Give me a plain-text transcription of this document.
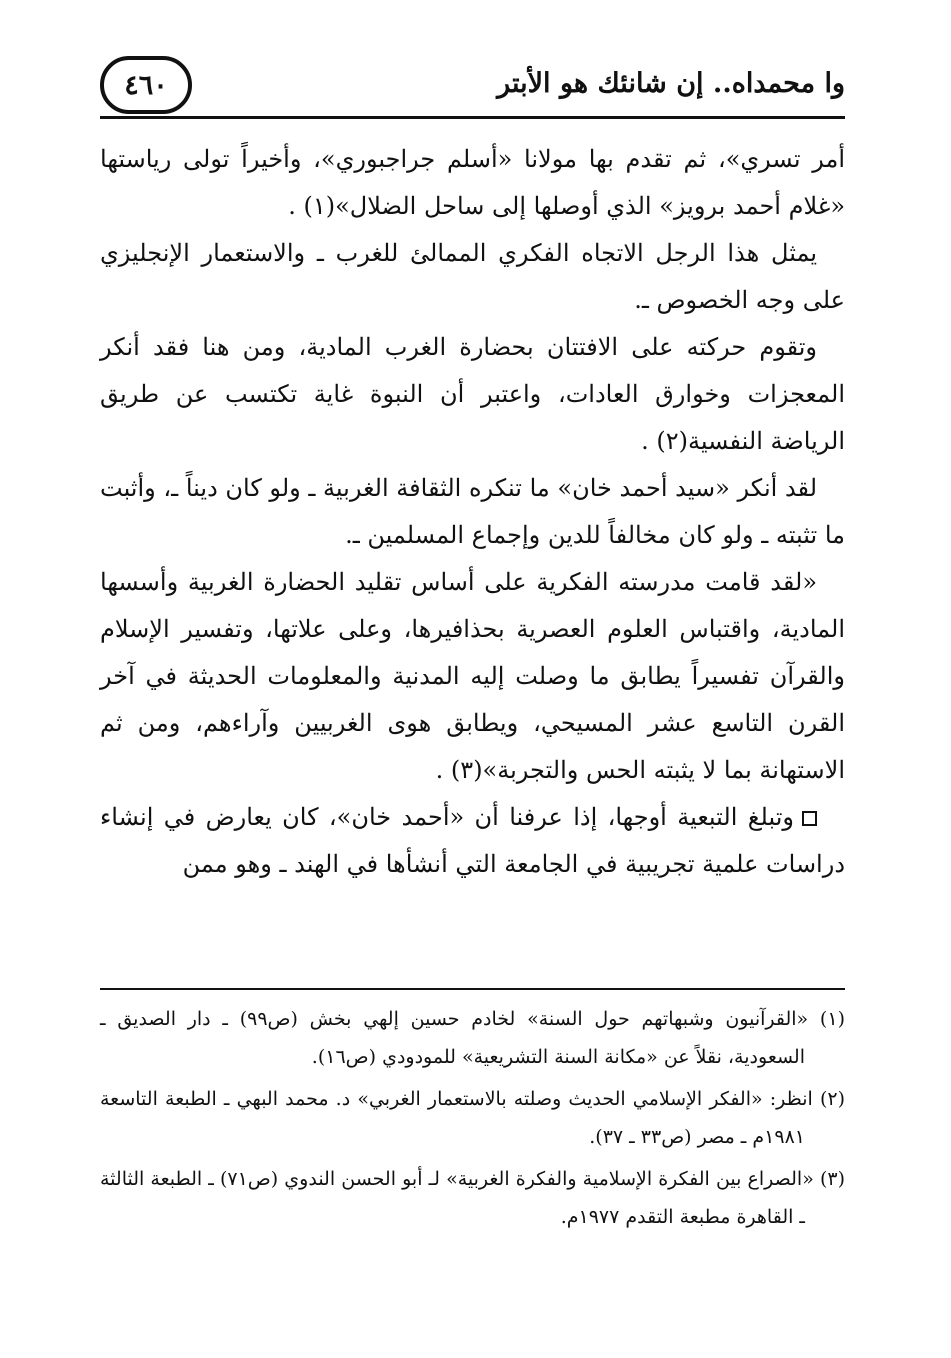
٤٦٠	وا محمداه.. إن شانئك هو الأبتر

أمر تسري»، ثم تقدم بها مولانا «أسلم جراجبوري»، وأخيراً تولى رياستها «غلام أحمد برويز» الذي أوصلها إلى ساحل الضلال»(١) .

يمثل هذا الرجل الاتجاه الفكري الممالئ للغرب ـ والاستعمار الإنجليزي على وجه الخصوص ـ.

وتقوم حركته على الافتتان بحضارة الغرب المادية، ومن هنا فقد أنكر المعجزات وخوارق العادات، واعتبر أن النبوة غاية تكتسب عن طريق الرياضة النفسية(٢) .

لقد أنكر «سيد أحمد خان» ما تنكره الثقافة الغربية ـ ولو كان ديناً ـ، وأثبت ما تثبته ـ ولو كان مخالفاً للدين وإجماع المسلمين ـ.

«لقد قامت مدرسته الفكرية على أساس تقليد الحضارة الغربية وأسسها المادية، واقتباس العلوم العصرية بحذافيرها، وعلى علاتها، وتفسير الإسلام والقرآن تفسيراً يطابق ما وصلت إليه المدنية والمعلومات الحديثة في آخر القرن التاسع عشر المسيحي، ويطابق هوى الغربيين وآراءهم، ومن ثم الاستهانة بما لا يثبته الحس والتجربة»(٣) .

وتبلغ التبعية أوجها، إذا عرفنا أن «أحمد خان»، كان يعارض في إنشاء دراسات علمية تجريبية في الجامعة التي أنشأها في الهند ـ وهو ممن

(١) «القرآنيون وشبهاتهم حول السنة» لخادم حسين إلهي بخش (ص٩٩) ـ دار الصديق ـ السعودية، نقلاً عن «مكانة السنة التشريعية» للمودودي (ص١٦).

(٢) انظر: «الفكر الإسلامي الحديث وصلته بالاستعمار الغربي» د. محمد البهي ـ الطبعة التاسعة ١٩٨١م ـ مصر (ص٣٣ ـ ٣٧).

(٣) «الصراع بين الفكرة الإسلامية والفكرة الغربية» لـ أبو الحسن الندوي (ص٧١) ـ الطبعة الثالثة ـ القاهرة مطبعة التقدم ١٩٧٧م.
